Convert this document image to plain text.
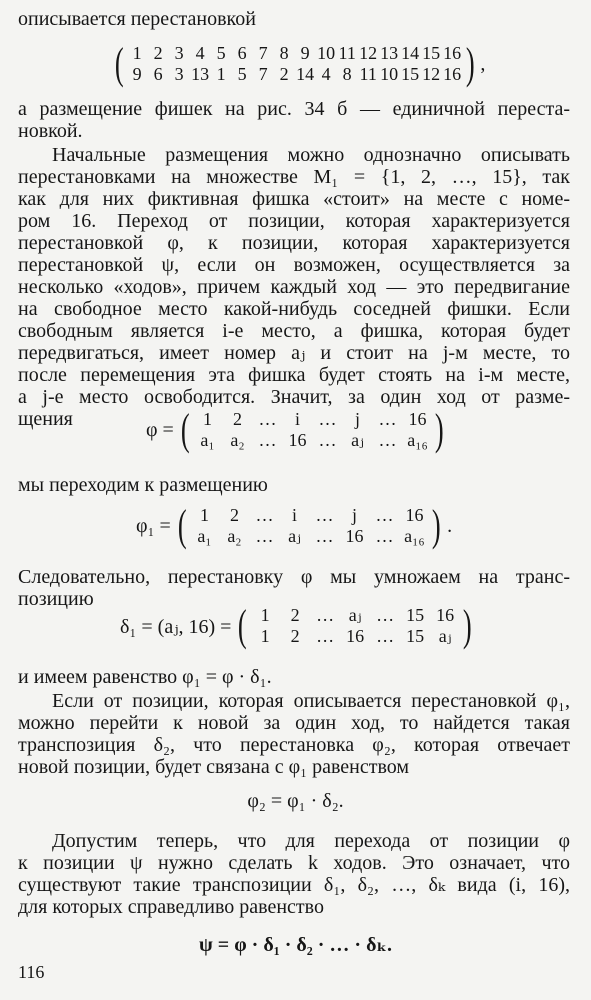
описывается перестановкой
( 1 2 3 4 5 6 7 8 9 10 11 12 13 14 15 16
9 6 3 13 1 5 7 2 14 4 8 11 10 15 12 16 ) ,
а размещение фишек на рис. 34 б — единичной переста-
новкой.
Начальные размещения можно однозначно описывать
перестановками на множестве M₁ = {1, 2, …, 15}, так
как для них фиктивная фишка «стоит» на месте с номе-
ром 16. Переход от позиции, которая характеризуется
перестановкой φ, к позиции, которая характеризуется
перестановкой ψ, если он возможен, осуществляется за
несколько «ходов», причем каждый ход — это передвигание
на свободное место какой-нибудь соседней фишки. Если
свободным является i-е место, а фишка, которая будет
передвигаться, имеет номер aⱼ и стоит на j-м месте, то
после перемещения эта фишка будет стоять на i-м месте,
а j-е место освободится. Значит, за один ход от разме-
щения	φ = ( 1	2 …	i	…	j	… 16
a₁ a₂ … 16 … aⱼ … a₁₆ )
мы переходим к размещению
φ₁ = ( 1	2 …	i	…	j	… 16
a₁ a₂ … aⱼ … 16 … a₁₆ ) .
Следовательно, перестановку φ мы умножаем на транс-
позицию
δ₁ = (aⱼ, 16) = ( 1	2 … aⱼ … 15 16
1	2 … 16 … 15 aⱼ )
и имеем равенство φ₁ = φ · δ₁.
Если от позиции, которая описывается перестановкой φ₁,
можно перейти к новой за один ход, то найдется такая
транспозиция δ₂, что перестановка φ₂, которая отвечает
новой позиции, будет связана с φ₁ равенством
φ₂ = φ₁ · δ₂.
Допустим теперь, что для перехода от позиции φ
к позиции ψ нужно сделать k ходов. Это означает, что
существуют такие транспозиции δ₁, δ₂, …, δₖ вида (i, 16),
для которых справедливо равенство
ψ = φ · δ₁ · δ₂ · … · δₖ.
116
